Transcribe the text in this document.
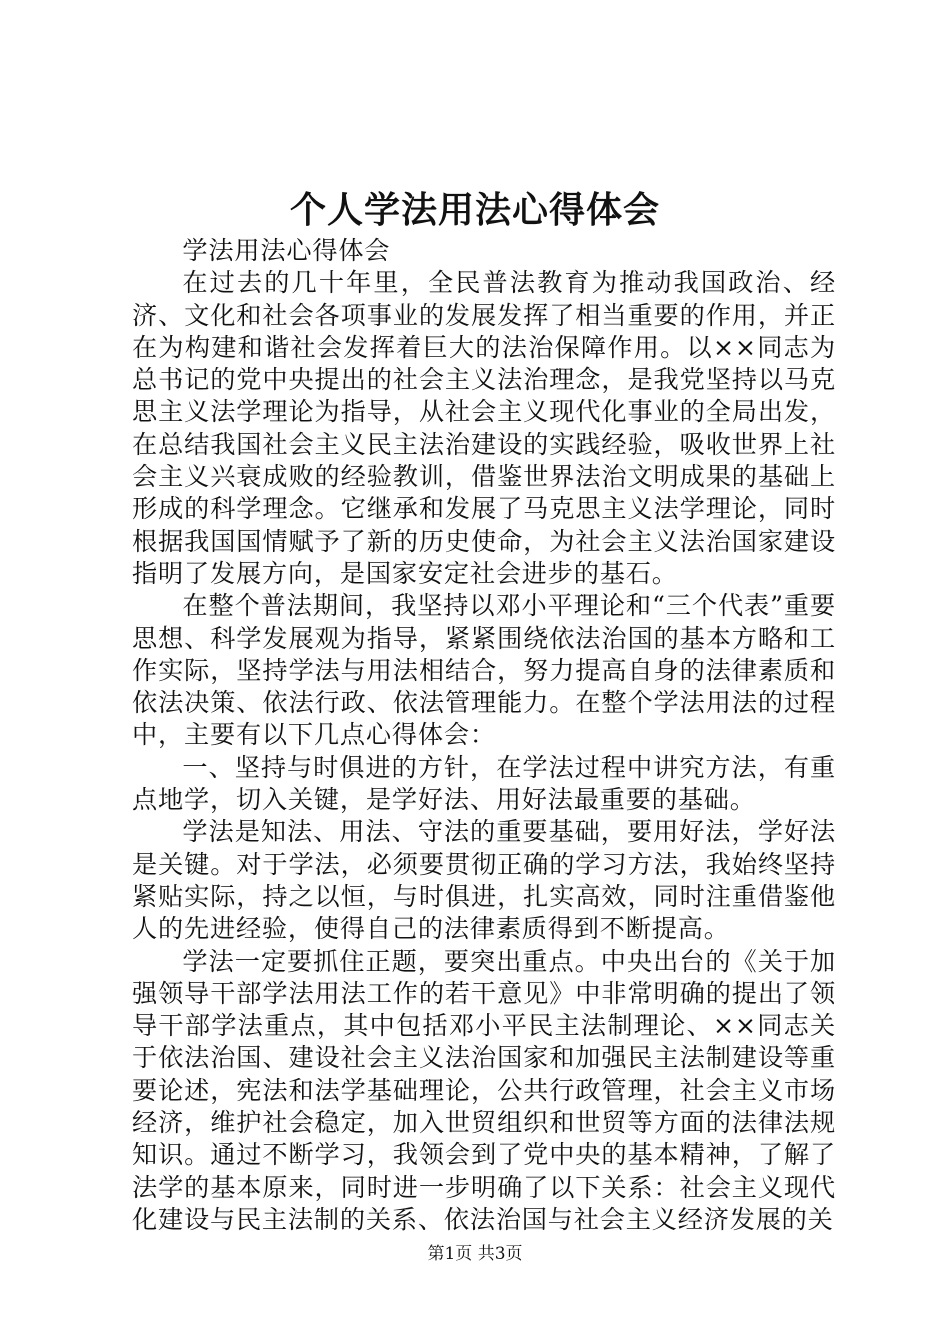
个人学法用法心得体会

学法用法心得体会

在过去的几十年里，全民普法教育为推动我国政治、经济、文化和社会各项事业的发展发挥了相当重要的作用，并正在为构建和谐社会发挥着巨大的法治保障作用。以××同志为总书记的党中央提出的社会主义法治理念，是我党坚持以马克思主义法学理论为指导，从社会主义现代化事业的全局出发，在总结我国社会主义民主法治建设的实践经验，吸收世界上社会主义兴衰成败的经验教训，借鉴世界法治文明成果的基础上形成的科学理念。它继承和发展了马克思主义法学理论，同时根据我国国情赋予了新的历史使命，为社会主义法治国家建设指明了发展方向，是国家安定社会进步的基石。

在整个普法期间，我坚持以邓小平理论和“三个代表”重要思想、科学发展观为指导，紧紧围绕依法治国的基本方略和工作实际，坚持学法与用法相结合，努力提高自身的法律素质和依法决策、依法行政、依法管理能力。在整个学法用法的过程中，主要有以下几点心得体会：

一、坚持与时俱进的方针，在学法过程中讲究方法，有重点地学，切入关键，是学好法、用好法最重要的基础。

学法是知法、用法、守法的重要基础，要用好法，学好法是关键。对于学法，必须要贯彻正确的学习方法，我始终坚持紧贴实际，持之以恒，与时俱进，扎实高效，同时注重借鉴他人的先进经验，使得自己的法律素质得到不断提高。

学法一定要抓住正题，要突出重点。中央出台的《关于加强领导干部学法用法工作的若干意见》中非常明确的提出了领导干部学法重点，其中包括邓小平民主法制理论、××同志关于依法治国、建设社会主义法治国家和加强民主法制建设等重要论述，宪法和法学基础理论，公共行政管理，社会主义市场经济，维护社会稳定，加入世贸组织和世贸等方面的法律法规知识。通过不断学习，我领会到了党中央的基本精神，了解了法学的基本原来，同时进一步明确了以下关系：社会主义现代化建设与民主法制的关系、依法治国与社会主义经济发展的关

第1页 共3页
